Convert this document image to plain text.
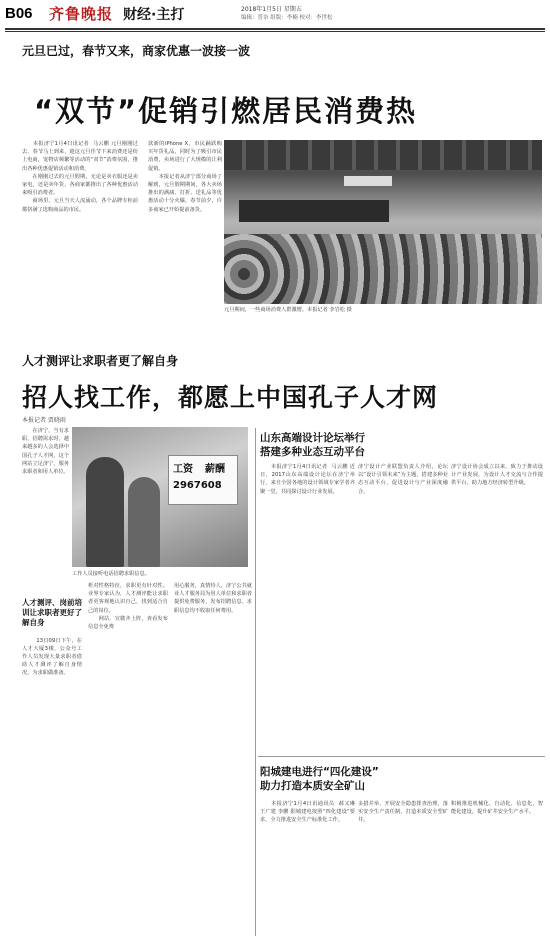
B06 齐鲁晚报 财经·主打	2018年1月5日 星期五
编辑：普奈 组版：李楠 校对：李世松
元旦已过，春节又来，商家优惠一波接一波
“双节”促销引燃居民消费热
　　本报济宁1月4日讯记者  马云鹏 元旦刚刚过去，春节马上到来，趁这元旦佳节下来消费还是纷上电商，宠物店频繁等活动的“双节”消费氛围，推出各种优惠促销活动和消费。
　　在刚刚过去的元旦假期，无论是卖衣服还是卖家电，还是卖年货，各商家都推出了各种优惠活动来吸引消费者。
　　商场里，元旦当天人流涌动，各个品牌专柜前都挤满了选购商品的市民。
款新的iPhone X，市民踊跃购买年货礼品，同时为了吸引市民消费，卖场进行了大规模的让利促销。
　　本报记者从济宁部分商场了解到，元旦假期期间，各大卖场推出的满减、打折、送礼品等优惠活动十分火爆，春节前夕，许多商家已开始提前备货。
元旦期间，一些商场消费人群激增。本报记者 李岩松 摄
人才测评让求职者更了解自身
招人找工作，都愿上中国孔子人才网
本报记者 贾晓雨
　　在济宁，当有求职、招聘需求时，越来越多的人会选择中国孔子人才网，这个网站立足济宁，服务求职者和用人单位。	工资 薪酬
2967608
工作人员接听电话招聘求职信息。

人才测评、岗前培训让求职者更好了解自身

　　13日09日下午，在人才大厦3楼，公众号工作人员发现大量求职者借助人才测评了解自身情况，为求职做准备。

析对性格特征，求职更有针对性。业界专家认为，人才测评能让求职者更客观地认识自己，找到适合自己的岗位。
　　网站、宣微齐上阵，查看发布信息全免费
用心服务，真情待人。济宁公共就业人才服务局为用人单位和求职者提供免费服务，发布招聘信息、求职信息均不收取任何费用。
山东高端设计论坛举行
搭建多种业态互动平台
　　本报济宁1月4日讯记者  马云鹏 近日，2017山东高端设计论坛在济宁举行，来自全国各地的设计领域专家学者齐聚一堂，共同探讨设计行业发展。
济宁设计产业联盟负责人介绍，论坛以“设计引领未来”为主题，搭建多种业态互动平台，促进设计与产业深度融合。
济宁设计协会成立以来，致力于推动设计产业发展，为设计人才交流与合作提供平台，助力地方经济转型升级。
阳城建电进行“四化建设”
助力打造本质安全矿山
　　本报济宁1月4日讯通讯员  郝又琳  王广建 李鹏 阳城建电按照“四化建设”要求，全力推进安全生产标准化工作。
多措并举，开展安全隐患排查治理，落实安全生产责任制，打造本质安全型矿井。
积极推进机械化、自动化、信息化、智能化建设，提升矿井安全生产水平。
